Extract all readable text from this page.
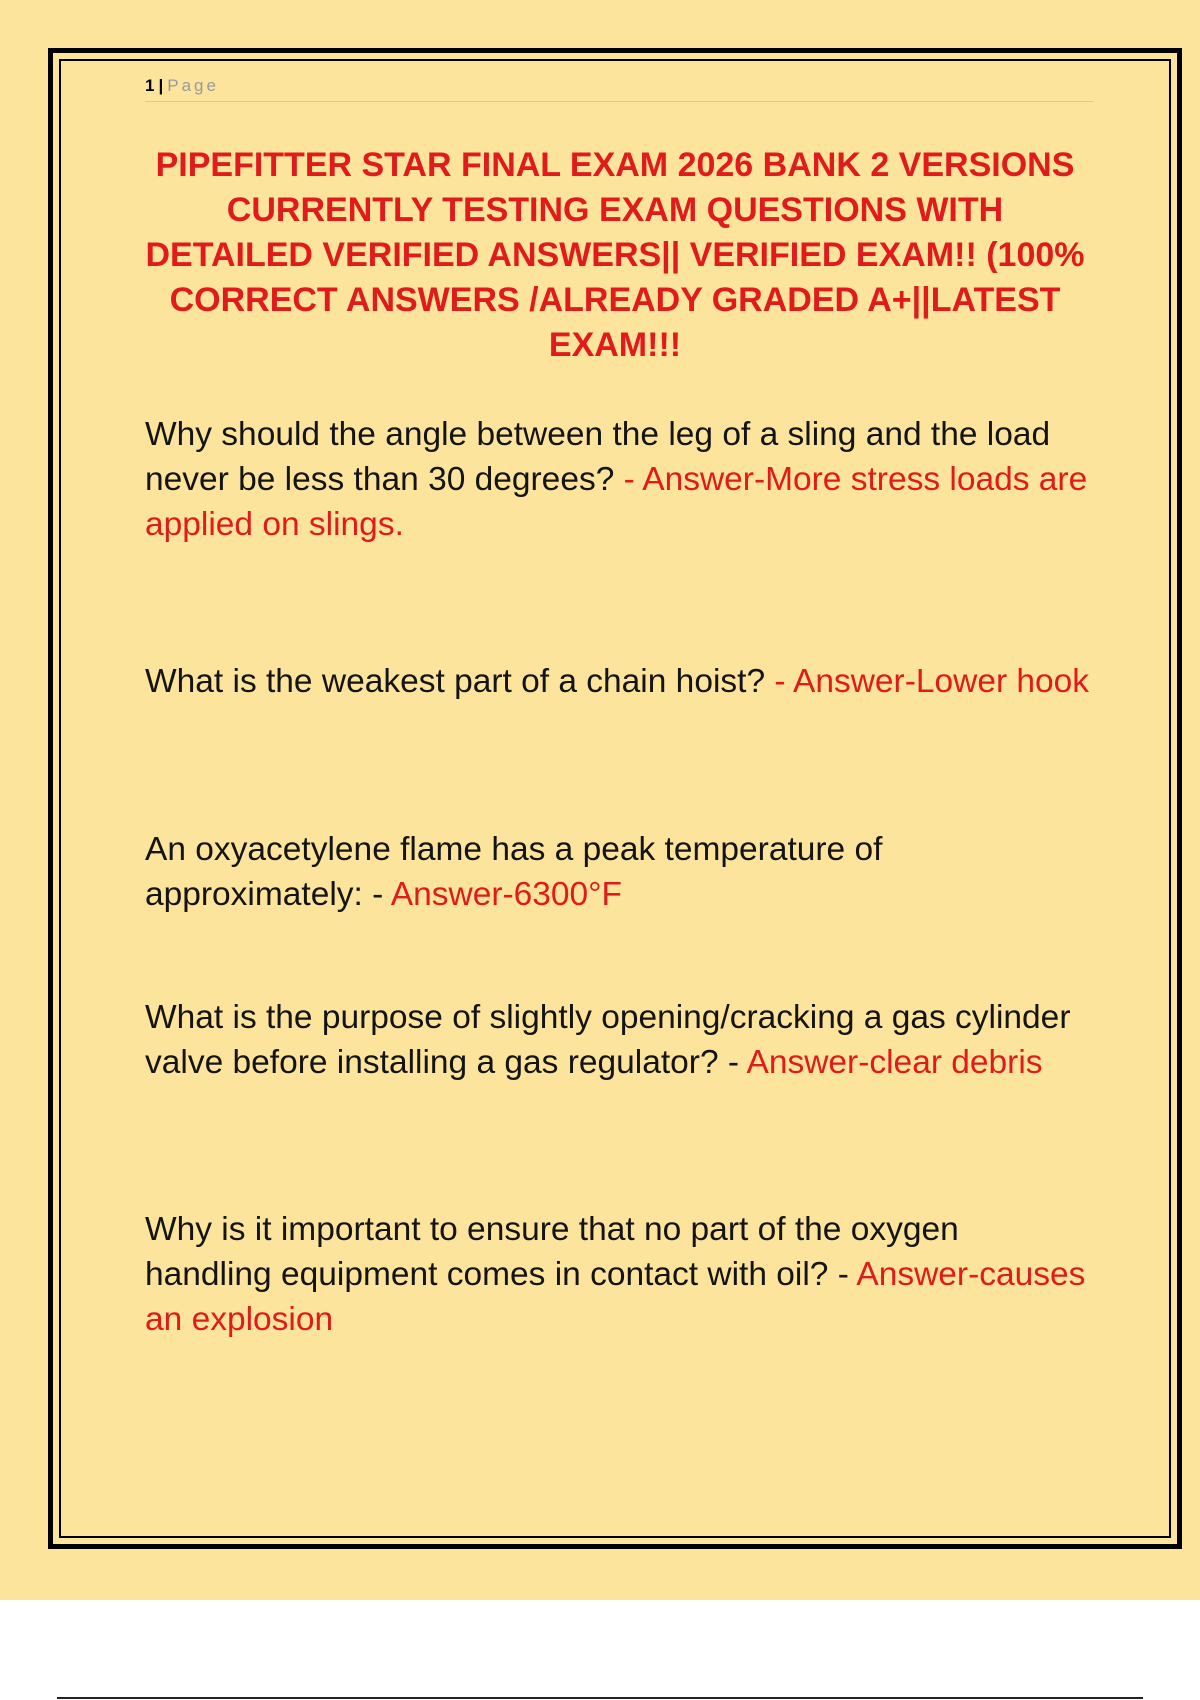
1 | Page
PIPEFITTER STAR FINAL EXAM 2026 BANK 2 VERSIONS CURRENTLY TESTING EXAM QUESTIONS WITH DETAILED VERIFIED ANSWERS|| VERIFIED EXAM!! (100% CORRECT ANSWERS /ALREADY GRADED A+||LATEST EXAM!!!

Why should the angle between the leg of a sling and the load never be less than 30 degrees? - Answer-More stress loads are applied on slings.

What is the weakest part of a chain hoist? - Answer-Lower hook

An oxyacetylene flame has a peak temperature of approximately: - Answer-6300°F

What is the purpose of slightly opening/cracking a gas cylinder valve before installing a gas regulator? - Answer-clear debris

Why is it important to ensure that no part of the oxygen handling equipment comes in contact with oil? - Answer-causes an explosion
